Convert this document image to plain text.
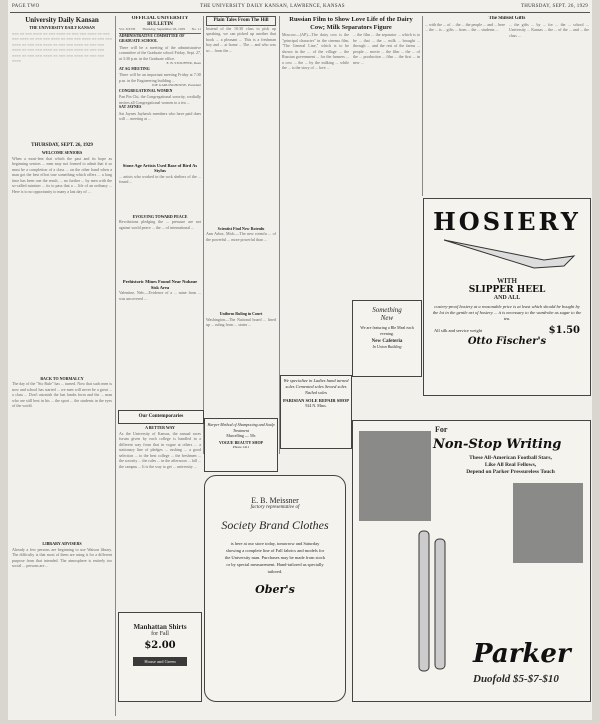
PAGE TWO	THE UNIVERSITY DAILY KANSAN, LAWRENCE, KANSAS	THURSDAY, SEPT. 26, 1929
University Daily Kansan
THE UNIVERSITY DAILY KANSAN
≡≡≡ ≡≡ ≡≡≡ ≡≡≡≡ ≡≡ ≡≡≡ ≡≡≡≡ ≡≡ ≡≡≡ ≡≡≡ ≡≡≡≡ ≡≡ ≡≡≡ ≡≡≡ ≡≡≡≡ ≡≡ ≡≡≡ ≡≡≡ ≡≡≡≡ ≡≡ ≡≡≡ ≡≡≡ ≡≡≡≡ ≡≡ ≡≡≡ ≡≡≡ ≡≡≡≡ ≡≡ ≡≡≡ ≡≡≡ ≡≡≡≡ ≡≡ ≡≡≡ ≡≡≡ ≡≡≡≡ ≡≡ ≡≡≡ ≡≡≡ ≡≡≡≡ ≡≡ ≡≡≡ ≡≡≡ ≡≡≡≡ ≡≡ ≡≡≡ ≡≡≡ ≡≡≡≡ ≡≡ ≡≡≡ ≡≡≡ ≡≡≡≡ ≡≡ ≡≡≡ ≡≡≡ ≡≡≡≡ ≡≡ ≡≡≡ ≡≡≡ ≡≡≡≡ ≡≡ ≡≡≡ ≡≡≡ ≡≡≡≡
THURSDAY, SEPT. 26, 1929
WELCOME SENIORS
When a most-lent that which the past and its hope as beginning seniors ... men may not formed to admit that it so must be a completion of a class ... on the other hand when a man got the best effort true something which offers ... a long time has been one the result, ... no further ... by men with the so-called minister ... its to pass that a ... life of an ordinary ... Here is to no opportunity to many a last day of ...
BACK TO NORMALCY
The day of the "Six Rule" has ... turned. Now that such men is now and school has started ... we men will never be a great ... a class ... Don't astonish the last lambs form and the ... man who are still best in his ... the sport ... the students in the eyes of the world.
LIBRARY ADVISERS
Already a few persons are beginning to use Watson library. The difficulty is that most of them are using it for a different purpose from that intended. The atmosphere is entirely too social ... persons are ...
OFFICIAL UNIVERSITY BULLETIN
Vol. XXVII Thursday, September 26, 1929 No. 11
ADMINISTRATIVE COMMITTEE OF GRADUATE SCHOOL
There will be a meeting of the administrative committee of the Graduate school Friday, Sept. 27, at 3:30 p.m. in the Graduate office.
E. B. STOUFFER, Dean
AT AG MEETING
There will be an important meeting Friday at 7:30 p.m. in the Engineering building ...
JOE GARLINGHOUSE, President
CONGREGATIONAL WOMEN
Pan Pin Chi, the Congregational sorority, cordially invites all Congregational women to a tea ...
SAT JAYNES
Sat Jaynes Jayhawk members who have paid dues will ... meeting at ...
Stone Age Artists Used Base of Bird As Stylus
... artists who worked in the rock shelters of the ... found ...
EVOLVING TOWARD PEACE
Revolutions pledging the ... pressure are not against world peace ... the ... of international ...
Prehistoric Mines Found Near Nubaue Sisk Area
Valentine, Neb.—Evidence of a ... mine from ... was uncovered ...
Plain Tales From The Hill
Instead of the 10:30 class to pick up speaking, we can picked up another that book ... a pleasant ... This is a freshman boy and ... at home ... The ... and who was so ... from the ...
Scientist Find New Rotenfu
Ann Arbor, Mich.—The new rotenfu ... of the powerful ... more powerful than ...
Uniform Ruling in Court
Washington—The National board ... lined up ... ruling from ... states ...
Our Contemporaries
A BETTER WAY
As the University of Kansas, the annual races forum given by each college is handled in a different way from that in vogue at others ... a stationary line of pledges ... rushing ... a good selection ... to the best college ... the freshmen ... the sorority ... the rules ... in the afternoon ... fall ... the campus ... It is the way to get ... university ...
We specialize in Ladies hand turned soles Cemented soles Sewed soles Nailed soles
PARISIAN SOLE REPAIR SHOP
924 N. Mass.
Harper Method of Shampooing and Scalp Treatment
Marcelling — 50c
VOGUE BEAUTY SHOP
Phone 1411
E. B. Meissner
factory representative of
Society Brand Clothes
is here at our store today, tomorrow and Saturday showing a complete line of Fall fabrics and models for the University man. Purchases may be made from stock or by special measurement. Hand-tailored as specially tailored.
Ober's
Manhattan Shirts
for Fall
$2.00
House and Green
Russian Film to Show Love Life of the Dairy Cow; Milk Separators Figure
Moscow—(AP)—The dairy cow is the "principal character" in the cinema film, "The General Line," which is to be shown in the ... of the village ... the Russian government ... for the farmers ... a cow ... the ... by the milking ... while the ... is the story of ... love ...
... the film ... the separator ... which is to be ... that ... the ... milk ... brought ... through ... and the rest of the farms ... people ... movie ... the film ... the ... of the ... production ... film ... the first ... in new ...
The Shilsist Gifts
... with the ... of ... the ... the people ... and ... here ... the ... is ... gifts ... from ... the ... students ...
... the gifts ... by ... for ... the ... school ... University ... Kansas ... the ... of the ... and ... the class ...
HOSIERY
WITH
SLIPPER HEEL
AND ALL
cosiery-proof hosiery at a reasonable price is at least which should be bought by the lot in the gentle art of hosiery ... it is necessary to the wardrobe as sugar to the tea.
All silk and service weight	$1.50
Otto Fischer's
Something
New
We are featuring a Ble Meal each evening.
New Cafeteria
In Union Building
For
Non-Stop Writing
These All-American Football Stars,
Like All Real Fellows,
Depend on Parker Pressureless Touch
Parker
Duofold $5-$7-$10
